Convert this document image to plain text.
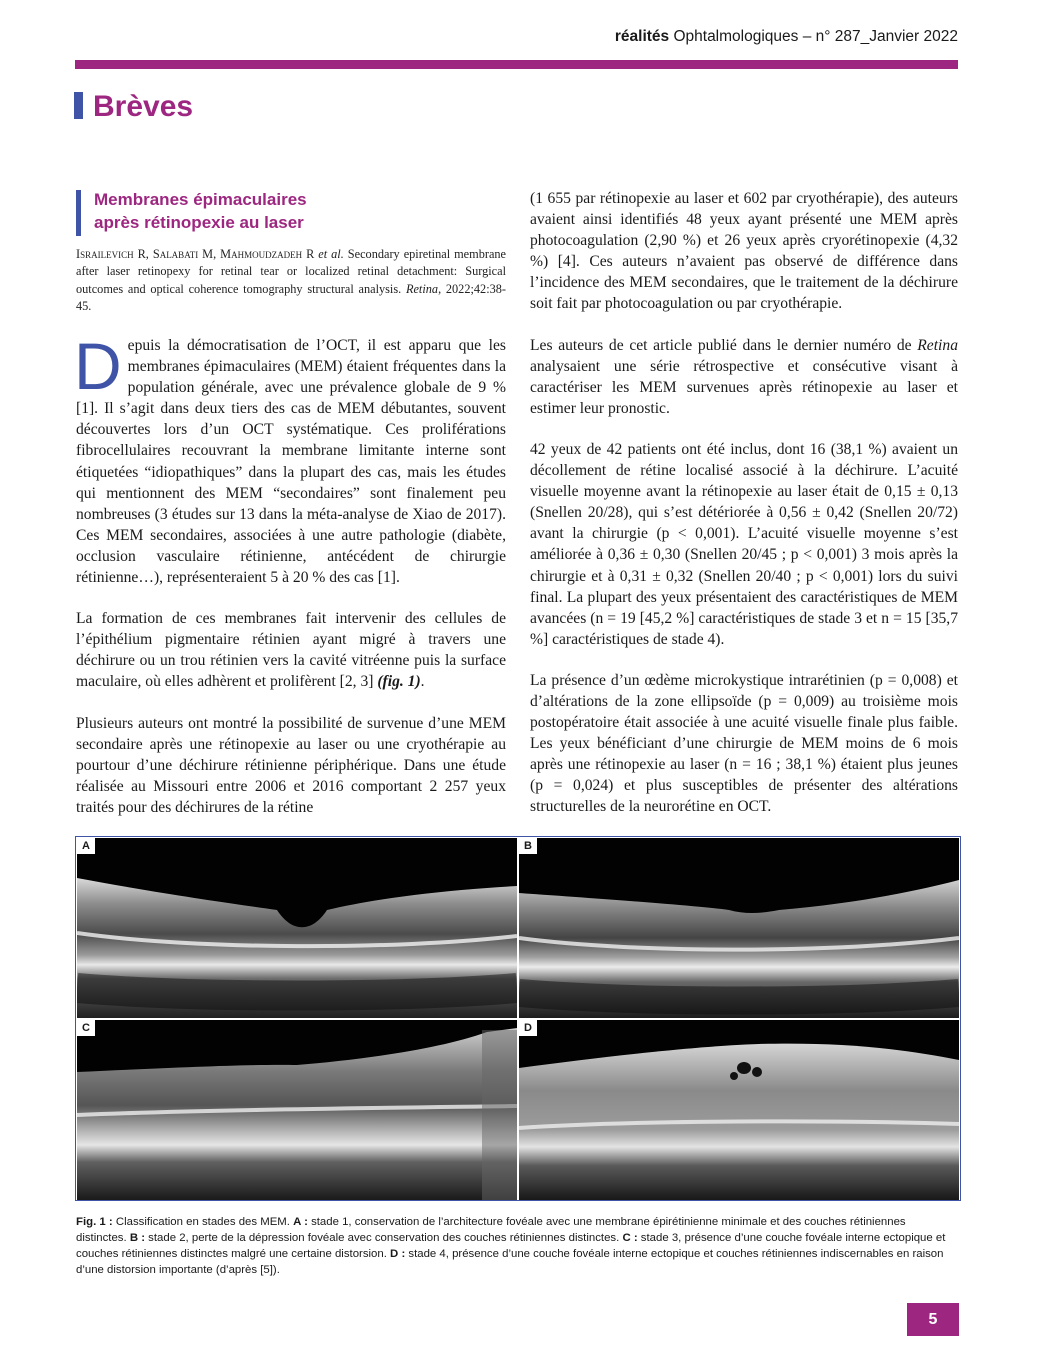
réalités Ophtalmologiques – n° 287_Janvier 2022
Brèves
Membranes épimaculaires
après rétinopexie au laser
Israilevich R, Salabati M, Mahmoudzadeh R et al. Secondary epiretinal membrane after laser retinopexy for retinal tear or localized retinal detachment: Surgical outcomes and optical coherence tomography structural analysis. Retina, 2022;42:38-45.

Depuis la démocratisation de l’OCT, il est apparu que les membranes épimaculaires (MEM) étaient fréquentes dans la population générale, avec une prévalence globale de 9 % [1]. Il s’agit dans deux tiers des cas de MEM débutantes, souvent découvertes lors d’un OCT systématique. Ces proliférations fibrocellulaires recouvrant la membrane limitante interne sont étiquetées “idiopathiques” dans la plupart des cas, mais les études qui mentionnent des MEM “secondaires” sont finalement peu nombreuses (3 études sur 13 dans la méta-analyse de Xiao de 2017). Ces MEM secondaires, associées à une autre pathologie (diabète, occlusion vasculaire rétinienne, antécédent de chirurgie rétinienne…), représenteraient 5 à 20 % des cas [1].

La formation de ces membranes fait intervenir des cellules de l’épithélium pigmentaire rétinien ayant migré à travers une déchirure ou un trou rétinien vers la cavité vitréenne puis la surface maculaire, où elles adhèrent et prolifèrent [2, 3] (fig. 1).

Plusieurs auteurs ont montré la possibilité de survenue d’une MEM secondaire après une rétinopexie au laser ou une cryothérapie au pourtour d’une déchirure rétinienne périphérique. Dans une étude réalisée au Missouri entre 2006 et 2016 comportant 2 257 yeux traités pour des déchirures de la rétine

(1 655 par rétinopexie au laser et 602 par cryothérapie), des auteurs avaient ainsi identifiés 48 yeux ayant présenté une MEM après photocoagulation (2,90 %) et 26 yeux après cryorétinopexie (4,32 %) [4]. Ces auteurs n’avaient pas observé de différence dans l’incidence des MEM secondaires, que le traitement de la déchirure soit fait par photocoagulation ou par cryothérapie.

Les auteurs de cet article publié dans le dernier numéro de Retina analysaient une série rétrospective et consécutive visant à caractériser les MEM survenues après rétinopexie au laser et estimer leur pronostic.

42 yeux de 42 patients ont été inclus, dont 16 (38,1 %) avaient un décollement de rétine localisé associé à la déchirure. L’acuité visuelle moyenne avant la rétinopexie au laser était de 0,15 ± 0,13 (Snellen 20/28), qui s’est détériorée à 0,56 ± 0,42 (Snellen 20/72) avant la chirurgie (p < 0,001). L’acuité visuelle moyenne s’est améliorée à 0,36 ± 0,30 (Snellen 20/45 ; p < 0,001) 3 mois après la chirurgie et à 0,31 ± 0,32 (Snellen 20/40 ; p < 0,001) lors du suivi final. La plupart des yeux présentaient des caractéristiques de MEM avancées (n = 19 [45,2 %] caractéristiques de stade 3 et n = 15 [35,7 %] caractéristiques de stade 4).

La présence d’un œdème microkystique intrarétinien (p = 0,008) et d’altérations de la zone ellipsoïde (p = 0,009) au troisième mois postopératoire était associée à une acuité visuelle finale plus faible. Les yeux bénéficiant d’une chirurgie de MEM moins de 6 mois après une rétinopexie au laser (n = 16 ; 38,1 %) étaient plus jeunes (p = 0,024) et plus susceptibles de présenter des altérations structurelles de la neurorétine en OCT.

A	B
C	D
Fig. 1 : Classification en stades des MEM. A : stade 1, conservation de l’architecture fovéale avec une membrane épirétinienne minimale et des couches rétiniennes distinctes. B : stade 2, perte de la dépression fovéale avec conservation des couches rétiniennes distinctes. C : stade 3, présence d’une couche fovéale interne ectopique et couches rétiniennes distinctes malgré une certaine distorsion. D : stade 4, présence d’une couche fovéale interne ectopique et couches rétiniennes indiscernables en raison d’une distorsion importante (d’après [5]).
5
